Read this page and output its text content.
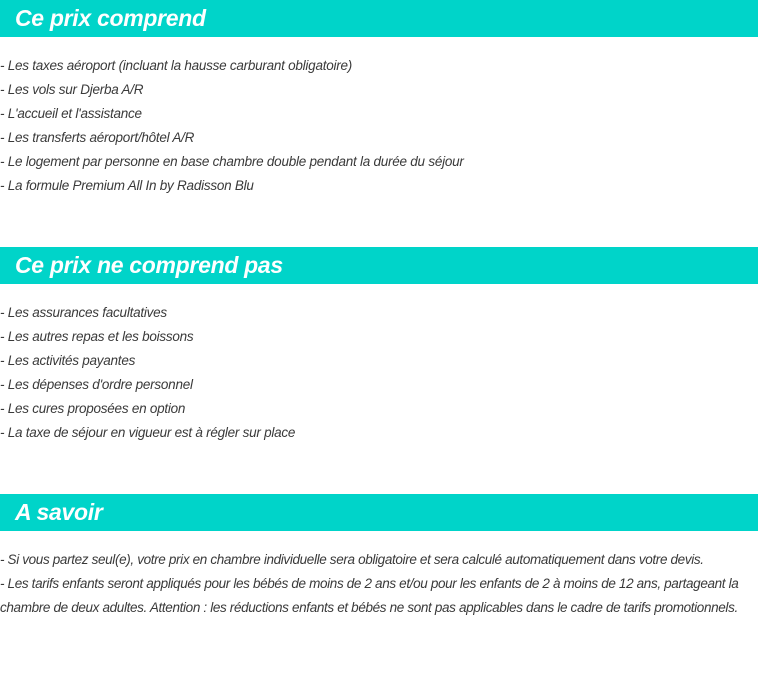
Ce prix comprend
- Les taxes aéroport (incluant la hausse carburant obligatoire)
- Les vols sur Djerba A/R
- L'accueil et l'assistance
- Les transferts aéroport/hôtel A/R
- Le logement par personne en base chambre double pendant la durée du séjour
- La formule Premium All In by Radisson Blu
Ce prix ne comprend pas
- Les assurances facultatives
- Les autres repas et les boissons
- Les activités payantes
- Les dépenses d'ordre personnel
- Les cures proposées en option
- La taxe de séjour en vigueur est à régler sur place
A savoir

- Si vous partez seul(e), votre prix en chambre individuelle sera obligatoire et sera calculé automatiquement dans votre devis.

- Les tarifs enfants seront appliqués pour les bébés de moins de 2 ans et/ou pour les enfants de 2 à moins de 12 ans, partageant la chambre de deux adultes. Attention : les réductions enfants et bébés ne sont pas applicables dans le cadre de tarifs promotionnels.
